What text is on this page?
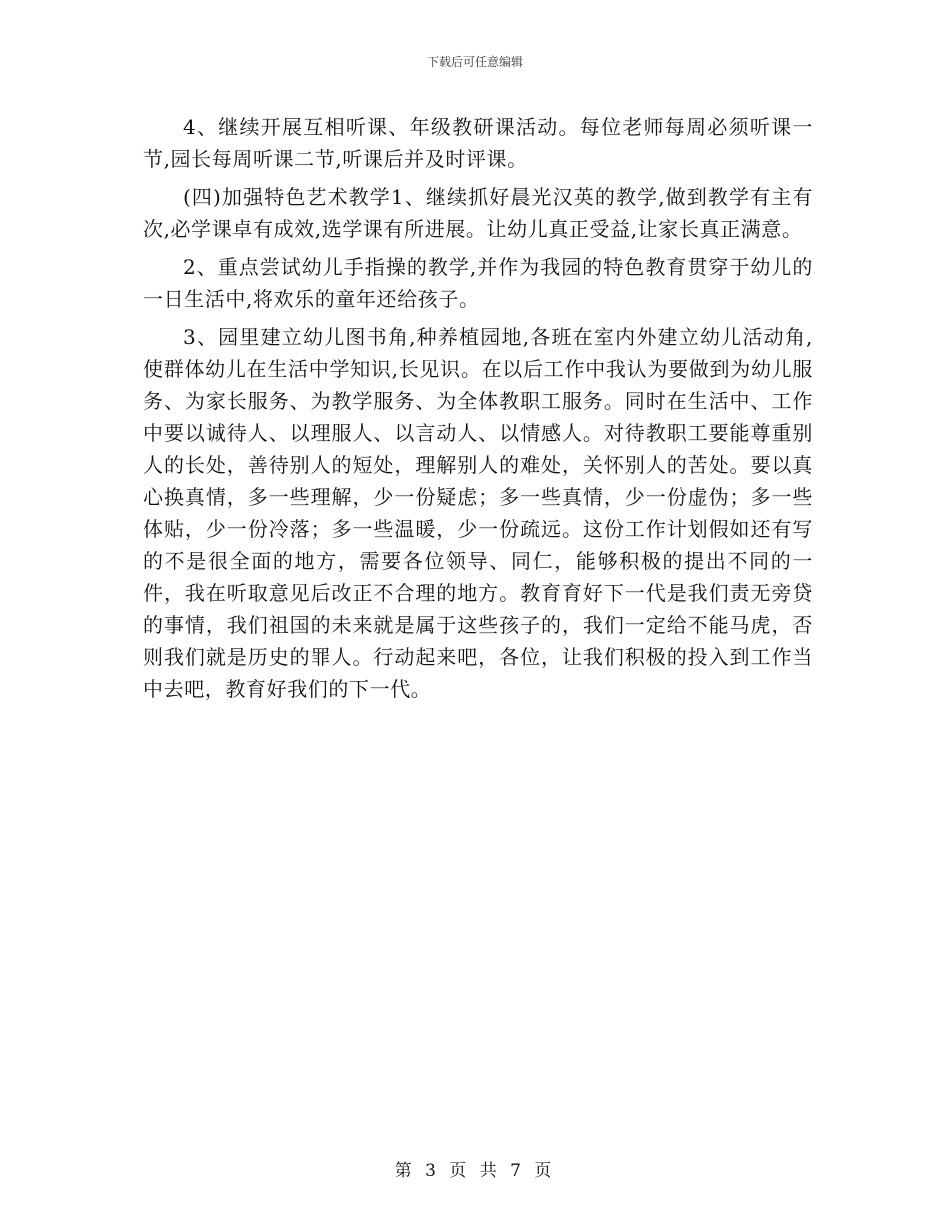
下载后可任意编辑

4、继续开展互相听课、年级教研课活动。每位老师每周必须听课一节,园长每周听课二节,听课后并及时评课。

(四)加强特色艺术教学1、继续抓好晨光汉英的教学,做到教学有主有次,必学课卓有成效,选学课有所进展。让幼儿真正受益,让家长真正满意。

2、重点尝试幼儿手指操的教学,并作为我园的特色教育贯穿于幼儿的一日生活中,将欢乐的童年还给孩子。

3、园里建立幼儿图书角,种养植园地,各班在室内外建立幼儿活动角,使群体幼儿在生活中学知识,长见识。在以后工作中我认为要做到为幼儿服务、为家长服务、为教学服务、为全体教职工服务。同时在生活中、工作中要以诚待人、以理服人、以言动人、以情感人。对待教职工要能尊重别人的长处，善待别人的短处，理解别人的难处，关怀别人的苦处。要以真心换真情，多一些理解，少一份疑虑；多一些真情，少一份虚伪；多一些体贴，少一份冷落；多一些温暖，少一份疏远。这份工作计划假如还有写的不是很全面的地方，需要各位领导、同仁，能够积极的提出不同的一件，我在听取意见后改正不合理的地方。教育育好下一代是我们责无旁贷的事情，我们祖国的未来就是属于这些孩子的，我们一定给不能马虎，否则我们就是历史的罪人。行动起来吧，各位，让我们积极的投入到工作当中去吧，教育好我们的下一代。

第 3 页 共 7 页
